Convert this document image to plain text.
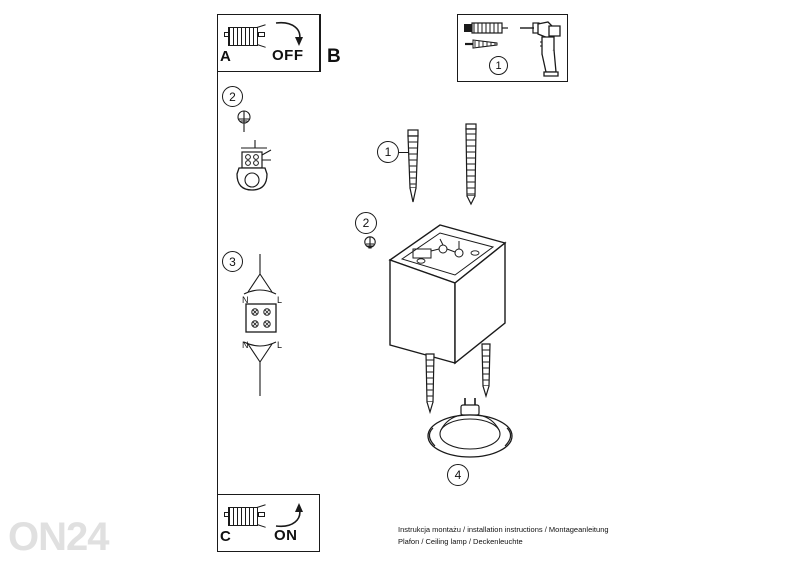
ON24
A	OFF B	1
2
3
N	L
N	L
1
2
4
C	ON	Instrukcja montażu / installation instructions / Montageanleitung
Plafon / Ceiling lamp / Deckenleuchte
